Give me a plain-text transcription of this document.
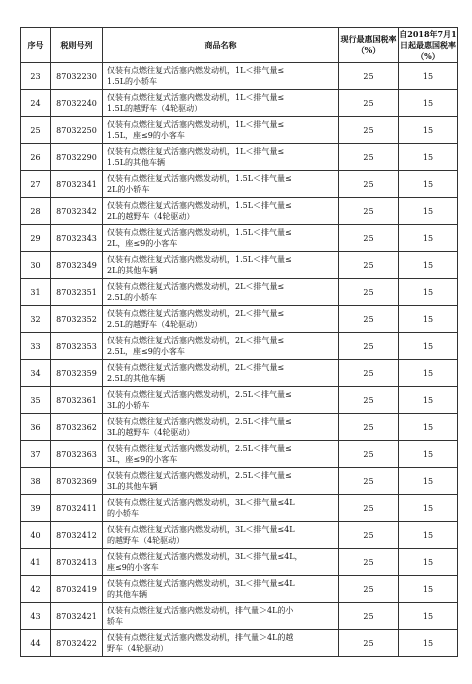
序号	税则号列	商品名称	现行最惠国税率（%）	自2018年7月1日起最惠国税率（%）
23	87032230	仅装有点燃往复式活塞内燃发动机，1L＜排气量≤
1.5L的小轿车	25	15
24	87032240	仅装有点燃往复式活塞内燃发动机，1L＜排气量≤
1.5L的越野车（4轮驱动）	25	15
25	87032250	仅装有点燃往复式活塞内燃发动机，1L＜排气量≤
1.5L，座≤9的小客车	25	15
26	87032290	仅装有点燃往复式活塞内燃发动机，1L＜排气量≤
1.5L的其他车辆	25	15
27	87032341	仅装有点燃往复式活塞内燃发动机，1.5L＜排气量≤
2L的小轿车	25	15
28	87032342	仅装有点燃往复式活塞内燃发动机，1.5L＜排气量≤
2L的越野车（4轮驱动）	25	15
29	87032343	仅装有点燃往复式活塞内燃发动机，1.5L＜排气量≤
2L，座≤9的小客车	25	15
30	87032349	仅装有点燃往复式活塞内燃发动机，1.5L＜排气量≤
2L的其他车辆	25	15
31	87032351	仅装有点燃往复式活塞内燃发动机，2L＜排气量≤
2.5L的小轿车	25	15
32	87032352	仅装有点燃往复式活塞内燃发动机，2L＜排气量≤
2.5L的越野车（4轮驱动）	25	15
33	87032353	仅装有点燃往复式活塞内燃发动机，2L＜排气量≤
2.5L，座≤9的小客车	25	15
34	87032359	仅装有点燃往复式活塞内燃发动机，2L＜排气量≤
2.5L的其他车辆	25	15
35	87032361	仅装有点燃往复式活塞内燃发动机，2.5L＜排气量≤
3L的小轿车	25	15
36	87032362	仅装有点燃往复式活塞内燃发动机，2.5L＜排气量≤
3L的越野车（4轮驱动）	25	15
37	87032363	仅装有点燃往复式活塞内燃发动机，2.5L＜排气量≤
3L，座≤9的小客车	25	15
38	87032369	仅装有点燃往复式活塞内燃发动机，2.5L＜排气量≤
3L的其他车辆	25	15
39	87032411	仅装有点燃往复式活塞内燃发动机，3L＜排气量≤4L
的小轿车	25	15
40	87032412	仅装有点燃往复式活塞内燃发动机，3L＜排气量≤4L
的越野车（4轮驱动）	25	15
41	87032413	仅装有点燃往复式活塞内燃发动机，3L＜排气量≤4L，
座≤9的小客车	25	15
42	87032419	仅装有点燃往复式活塞内燃发动机，3L＜排气量≤4L
的其他车辆	25	15
43	87032421	仅装有点燃往复式活塞内燃发动机，排气量＞4L的小
轿车	25	15
44	87032422	仅装有点燃往复式活塞内燃发动机，排气量＞4L的越
野车（4轮驱动）	25	15
